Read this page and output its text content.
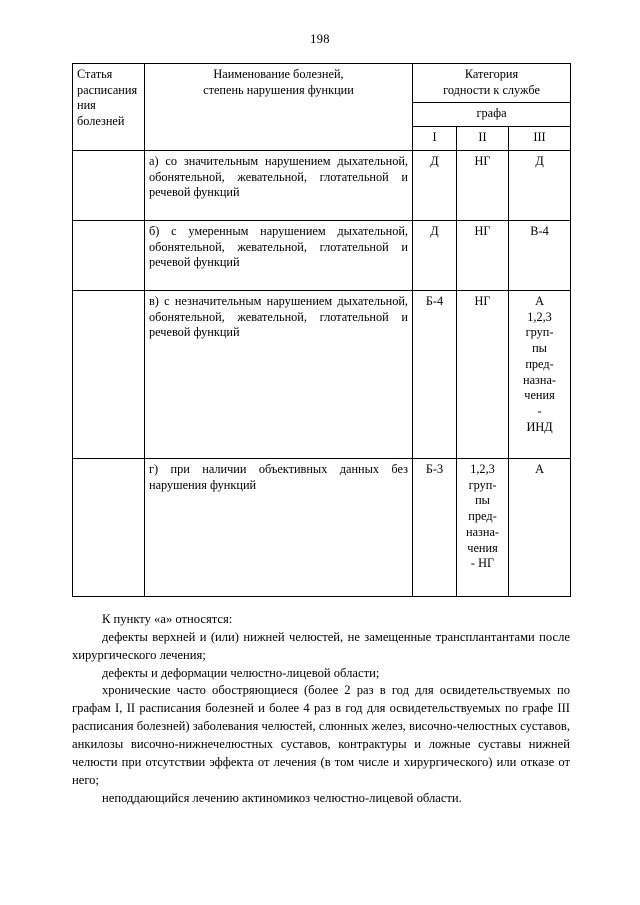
198
Статья
расписания
ния
болезней	Наименование болезней,
степень нарушения функции	Категория
годности к службе		
		графа		
		I	II	III
	а) со значительным нарушением дыхательной, обонятельной, жевательной, глотательной и речевой функций	Д	НГ	Д
	б) с умеренным нарушением дыхательной, обонятельной, жевательной, глотательной и речевой функций	Д	НГ	В-4
	в) с незначительным нарушением дыхательной, обонятельной, жевательной, глотательной и речевой функций	Б-4	НГ	А
1,2,3
груп-
пы
пред-
назна-
чения
-
ИНД
	г) при наличии объективных данных без нарушения функций	Б-3	1,2,3
груп-
пы
пред-
назна-
чения
- НГ	А

К пункту «а» относятся:

дефекты верхней и (или) нижней челюстей, не замещенные трансплантантами после хирургического лечения;

дефекты и деформации челюстно-лицевой области;

хронические часто обостряющиеся (более 2 раз в год для освидетельствуемых по графам I, II расписания болезней и более 4 раз в год для освидетельствуемых по графе III расписания болезней) заболевания челюстей, слюнных желез, височно-челюстных суставов, анкилозы височно-нижнечелюстных суставов, контрактуры и ложные суставы нижней челюсти при отсутствии эффекта от лечения (в том числе и хирургического) или отказе от него;

неподдающийся лечению актиномикоз челюстно-лицевой области.
